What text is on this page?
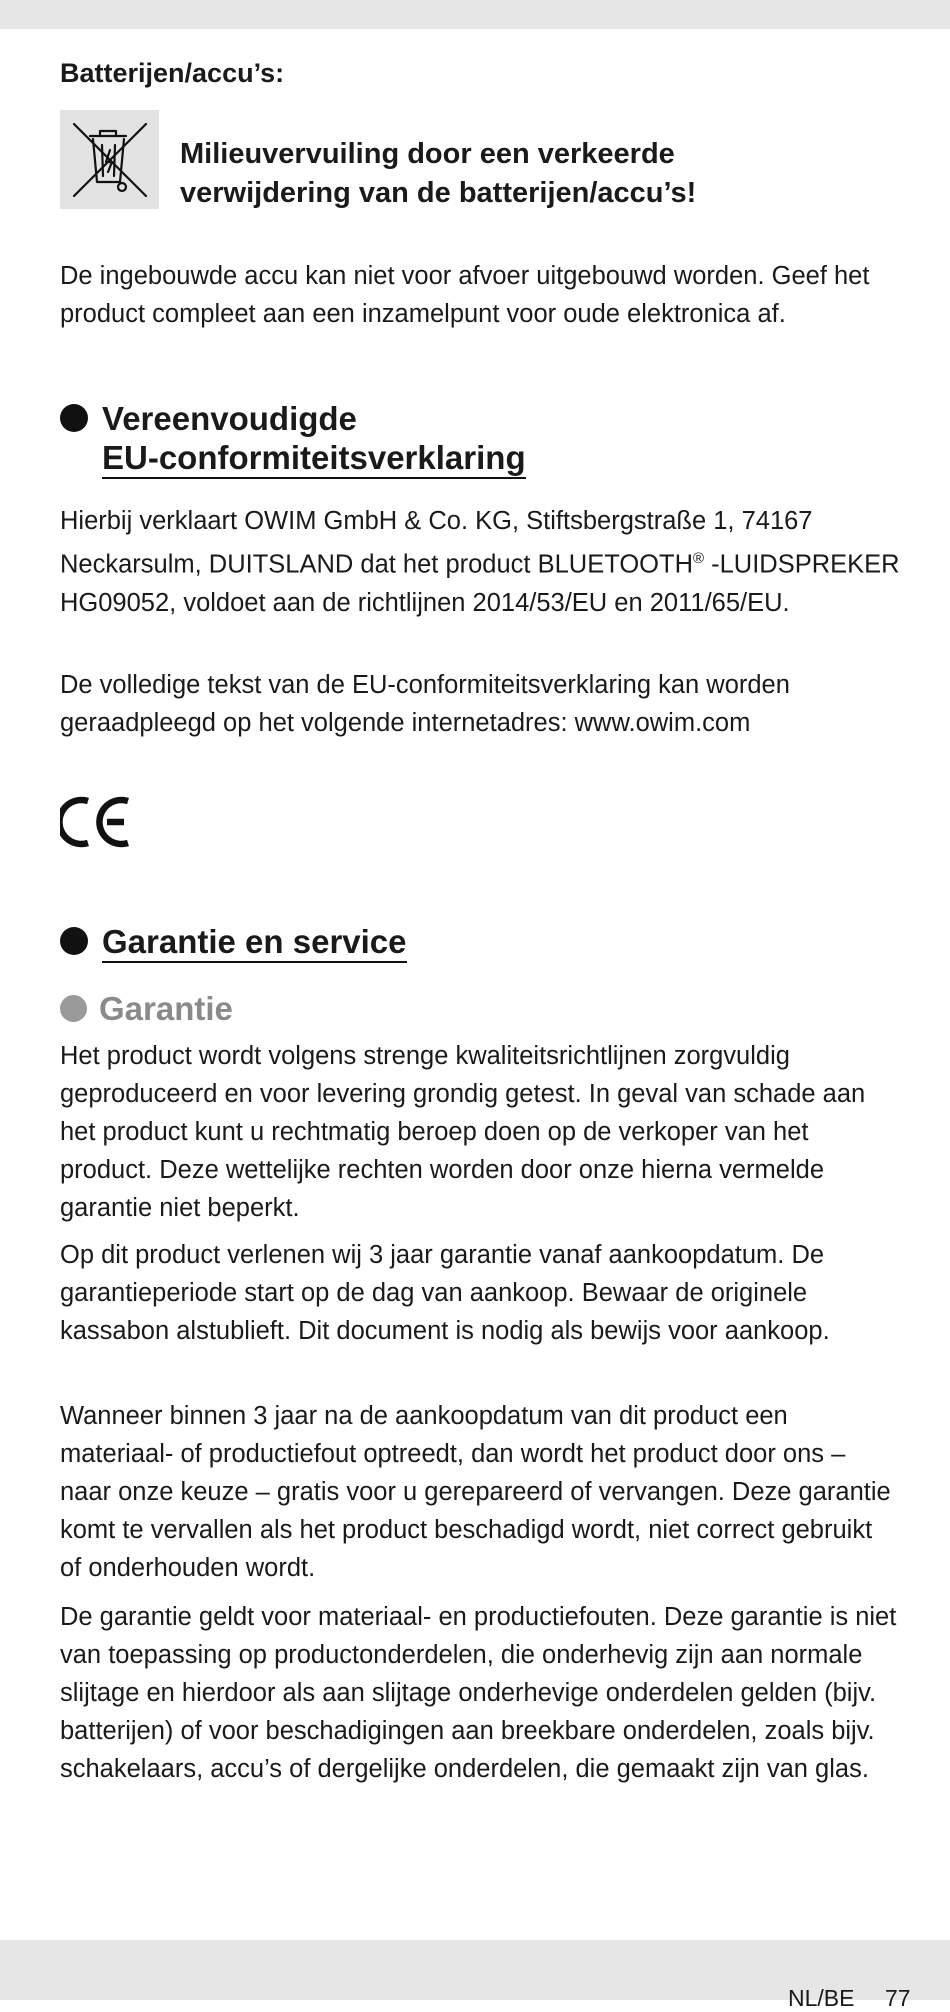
Batterijen/accu’s:
Milieuvervuiling door een verkeerde
verwijdering van de batterijen/accu’s!
De ingebouwde accu kan niet voor afvoer uitgebouwd worden. Geef het product compleet aan een inzamelpunt voor oude elektronica af.
Vereenvoudigde
EU-conformiteitsverklaring
Hierbij verklaart OWIM GmbH & Co. KG, Stiftsbergstraße 1, 74167 Neckarsulm, DUITSLAND dat het product BLUETOOTH® -LUIDSPREKER HG09052, voldoet aan de richtlijnen 2014/53/EU en 2011/65/EU.
De volledige tekst van de EU-conformiteitsverklaring kan worden geraadpleegd op het volgende internetadres: www.owim.com
Garantie en service
Garantie
Het product wordt volgens strenge kwaliteitsrichtlijnen zorgvuldig geproduceerd en voor levering grondig getest. In geval van schade aan het product kunt u rechtmatig beroep doen op de verkoper van het product. Deze wettelijke rechten worden door onze hierna vermelde garantie niet beperkt.
Op dit product verlenen wij 3 jaar garantie vanaf aankoopdatum. De garantieperiode start op de dag van aankoop. Bewaar de originele kassabon alstublieft. Dit document is nodig als bewijs voor aankoop.
Wanneer binnen 3 jaar na de aankoopdatum van dit product een materiaal- of productiefout optreedt, dan wordt het product door ons – naar onze keuze – gratis voor u gerepareerd of vervangen. Deze garantie komt te vervallen als het product beschadigd wordt, niet correct gebruikt of onderhouden wordt.
De garantie geldt voor materiaal- en productiefouten. Deze garantie is niet van toepassing op productonderdelen, die onderhevig zijn aan normale slijtage en hierdoor als aan slijtage onderhevige onderdelen gelden (bijv. batterijen) of voor beschadigingen aan breekbare onderdelen, zoals bijv. schakelaars, accu’s of dergelijke onderdelen, die gemaakt zijn van glas.
NL/BE 77
